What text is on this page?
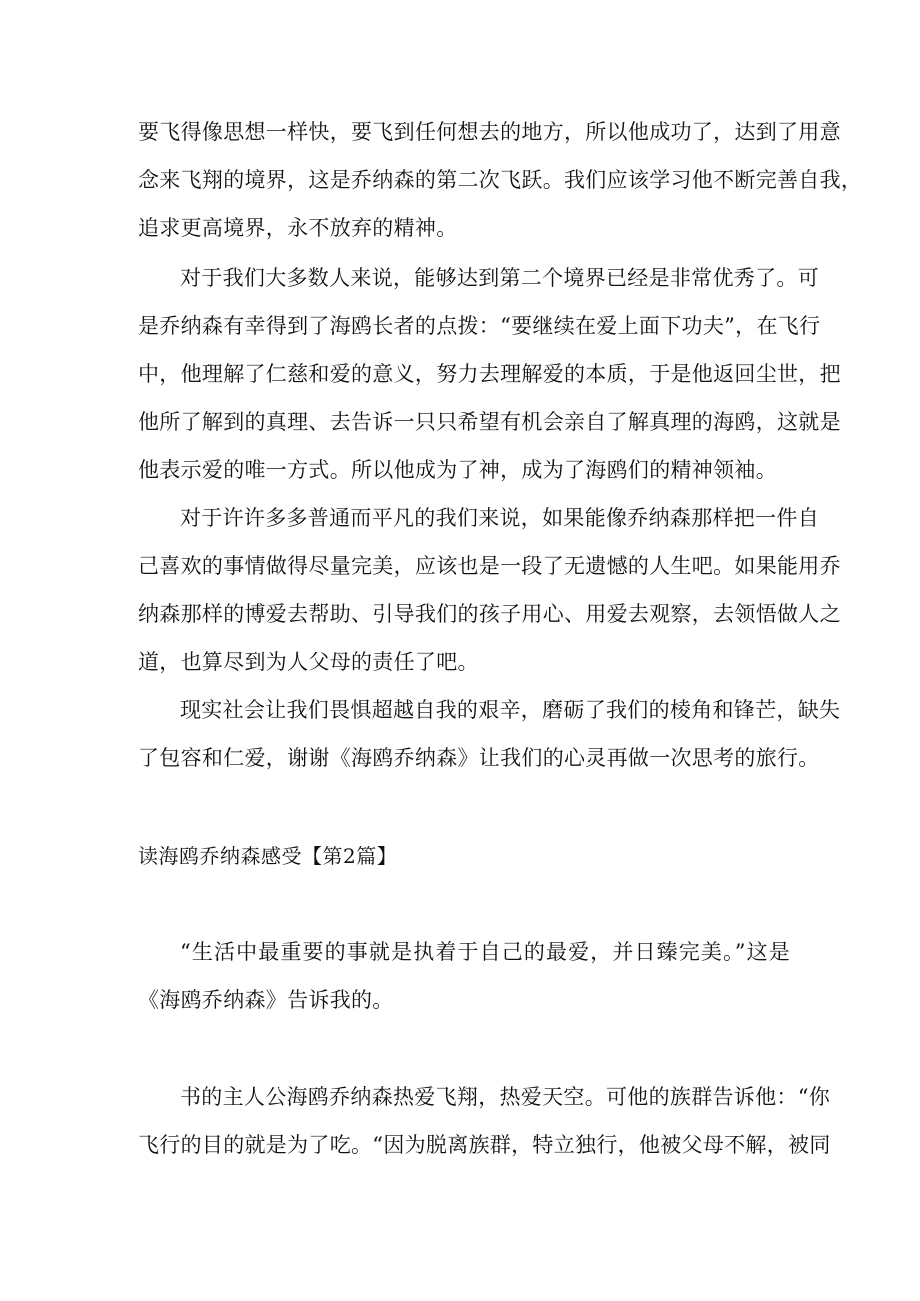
要飞得像思想一样快，要飞到任何想去的地方，所以他成功了，达到了用意
念来飞翔的境界，这是乔纳森的第二次飞跃。我们应该学习他不断完善自我，
追求更高境界，永不放弃的精神。
对于我们大多数人来说，能够达到第二个境界已经是非常优秀了。可
是乔纳森有幸得到了海鸥长者的点拨：“要继续在爱上面下功夫”，在飞行
中，他理解了仁慈和爱的意义，努力去理解爱的本质，于是他返回尘世，把
他所了解到的真理、去告诉一只只希望有机会亲自了解真理的海鸥，这就是
他表示爱的唯一方式。所以他成为了神，成为了海鸥们的精神领袖。
对于许许多多普通而平凡的我们来说，如果能像乔纳森那样把一件自
己喜欢的事情做得尽量完美，应该也是一段了无遗憾的人生吧。如果能用乔
纳森那样的博爱去帮助、引导我们的孩子用心、用爱去观察，去领悟做人之
道，也算尽到为人父母的责任了吧。
现实社会让我们畏惧超越自我的艰辛，磨砺了我们的棱角和锋芒，缺失
了包容和仁爱，谢谢《海鸥乔纳森》让我们的心灵再做一次思考的旅行。
读海鸥乔纳森感受【第2篇】
“生活中最重要的事就是执着于自己的最爱，并日臻完美。”这是
《海鸥乔纳森》告诉我的。
书的主人公海鸥乔纳森热爱飞翔，热爱天空。可他的族群告诉他：“你
飞行的目的就是为了吃。“因为脱离族群，特立独行，他被父母不解，被同
